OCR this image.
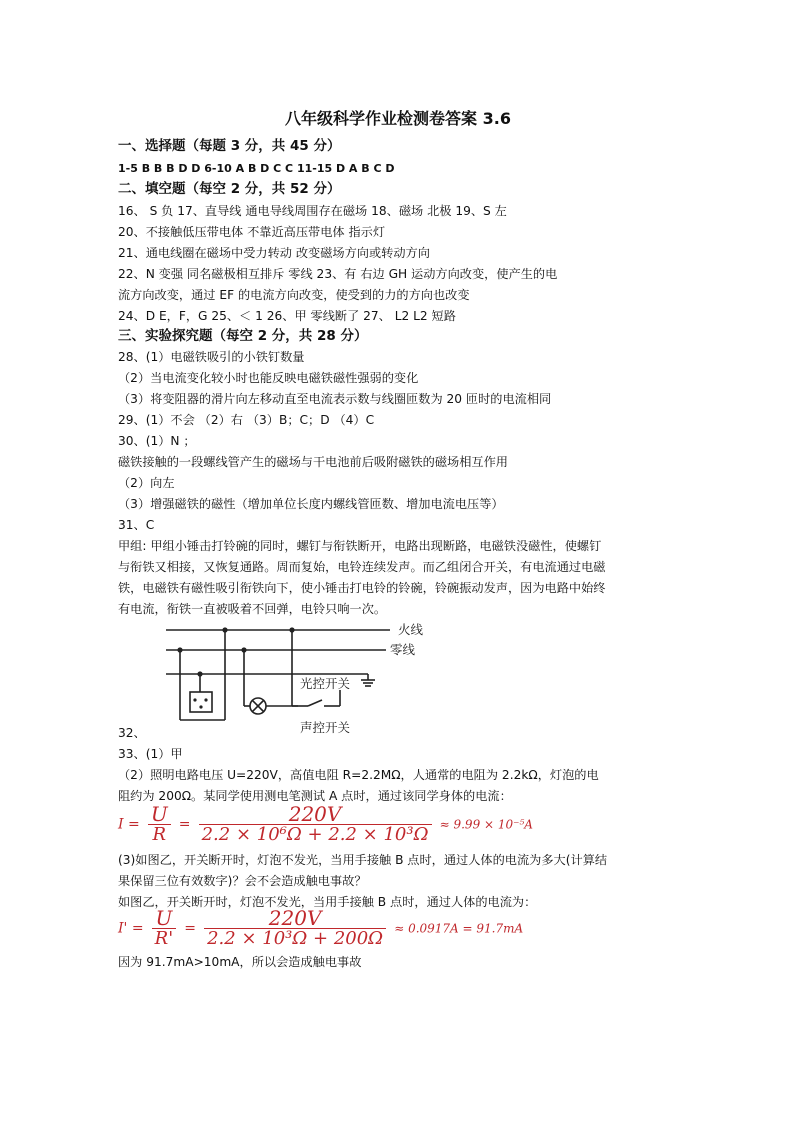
八年级科学作业检测卷答案 3.6
一、选择题（每题 3 分，共 45 分）
1-5 B B B D D 6-10 A B D C C 11-15 D A B C D
二、填空题（每空 2 分，共 52 分）
16、 S 负 17、直导线 通电导线周围存在磁场 18、磁场 北极 19、S 左
20、不接触低压带电体 不靠近高压带电体 指示灯
21、通电线圈在磁场中受力转动 改变磁场方向或转动方向
22、N 变强 同名磁极相互排斥 零线 23、有 右边 GH 运动方向改变，使产生的电
流方向改变，通过 EF 的电流方向改变，使受到的力的方向也改变
24、D E，F，G 25、＜ 1 26、甲 零线断了 27、 L2 L2 短路
三、实验探究题（每空 2 分，共 28 分）
28、(1）电磁铁吸引的小铁钉数量
（2）当电流变化较小时也能反映电磁铁磁性强弱的变化
（3）将变阻器的滑片向左移动直至电流表示数与线圈匝数为 20 匝时的电流相同
29、(1）不会 （2）右 （3）B；C；D （4）C
30、(1）N ；
磁铁接触的一段螺线管产生的磁场与干电池前后吸附磁铁的磁场相互作用
（2）向左
（3）增强磁铁的磁性（增加单位长度内螺线管匝数、增加电流电压等）
31、C
甲组: 甲组小锤击打铃碗的同时，螺钉与衔铁断开，电路出现断路，电磁铁没磁性，使螺钉
与衔铁又相接，又恢复通路。周而复始，电铃连续发声。而乙组闭合开关，有电流通过电磁
铁，电磁铁有磁性吸引衔铁向下，使小锤击打电铃的铃碗，铃碗振动发声，因为电路中始终
有电流，衔铁一直被吸着不回弹，电铃只响一次。
火线
零线
光控开关
声控开关
32、
33、(1）甲
（2）照明电路电压 U=220V，高值电阻 R=2.2MΩ，人通常的电阻为 2.2kΩ，灯泡的电
阻约为 200Ω。某同学使用测电笔测试 A 点时，通过该同学身体的电流：
$I = \frac{U}{R} = \frac{220V}{\text{2.2 × 10⁶Ω + 2.2 × 10³Ω}} \approx 9.99 \times 10^{-5}A$
(3)如图乙，开关断开时，灯泡不发光，当用手接触 B 点时，通过人体的电流为多大(计算结
果保留三位有效数字)？会不会造成触电事故？
如图乙，开关断开时，灯泡不发光，当用手接触 B 点时，通过人体的电流为：
$I' = \frac{U}{R'} = \frac{220V}{\text{2.2 × 10³Ω + 200Ω}} \approx 0.0917A = 91.7mA$
因为 91.7mA>10mA，所以会造成触电事故
